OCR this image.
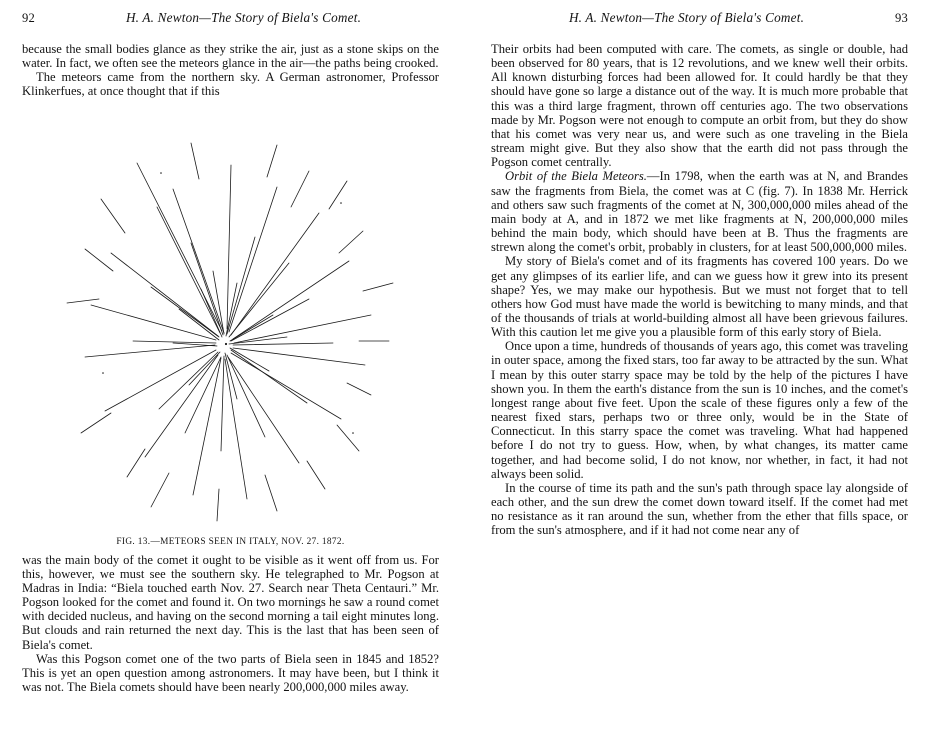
92	H. A. Newton—The Story of Biela's Comet.

because the small bodies glance as they strike the air, just as a stone skips on the water. In fact, we often see the meteors glance in the air—the paths being crooked.

The meteors came from the northern sky. A German astronomer, Professor Klinkerfues, at once thought that if this

FIG. 13.—METEORS SEEN IN ITALY, NOV. 27. 1872.

was the main body of the comet it ought to be visible as it went off from us. For this, however, we must see the southern sky. He telegraphed to Mr. Pogson at Madras in India: “Biela touched earth Nov. 27. Search near Theta Centauri.” Mr. Pogson looked for the comet and found it. On two mornings he saw a round comet with decided nucleus, and having on the second morning a tail eight minutes long. But clouds and rain returned the next day. This is the last that has been seen of Biela's comet.

Was this Pogson comet one of the two parts of Biela seen in 1845 and 1852? This is yet an open question among astronomers. It may have been, but I think it was not. The Biela comets should have been nearly 200,000,000 miles away.

93
H. A. Newton—The Story of Biela's Comet.

Their orbits had been computed with care. The comets, as single or double, had been observed for 80 years, that is 12 revolutions, and we knew well their orbits. All known disturbing forces had been allowed for. It could hardly be that they should have gone so large a distance out of the way. It is much more probable that this was a third large fragment, thrown off centuries ago. The two observations made by Mr. Pogson were not enough to compute an orbit from, but they do show that his comet was very near us, and were such as one traveling in the Biela stream might give. But they also show that the earth did not pass through the Pogson comet centrally.

Orbit of the Biela Meteors.—In 1798, when the earth was at N, and Brandes saw the fragments from Biela, the comet was at C (fig. 7). In 1838 Mr. Herrick and others saw such fragments of the comet at N, 300,000,000 miles ahead of the main body at A, and in 1872 we met like fragments at N, 200,000,000 miles behind the main body, which should have been at B. Thus the fragments are strewn along the comet's orbit, probably in clusters, for at least 500,000,000 miles.

My story of Biela's comet and of its fragments has covered 100 years. Do we get any glimpses of its earlier life, and can we guess how it grew into its present shape? Yes, we may make our hypothesis. But we must not forget that to tell others how God must have made the world is bewitching to many minds, and that of the thousands of trials at world-building almost all have been grievous failures. With this caution let me give you a plausible form of this early story of Biela.

Once upon a time, hundreds of thousands of years ago, this comet was traveling in outer space, among the fixed stars, too far away to be attracted by the sun. What I mean by this outer starry space may be told by the help of the pictures I have shown you. In them the earth's distance from the sun is 10 inches, and the comet's longest range about five feet. Upon the scale of these figures only a few of the nearest fixed stars, perhaps two or three only, would be in the State of Connecticut. In this starry space the comet was traveling. What had happened before I do not try to guess. How, when, by what changes, its matter came together, and had become solid, I do not know, nor whether, in fact, it had not always been solid.

In the course of time its path and the sun's path through space lay alongside of each other, and the sun drew the comet down toward itself. If the comet had met no resistance as it ran around the sun, whether from the ether that fills space, or from the sun's atmosphere, and if it had not come near any of
